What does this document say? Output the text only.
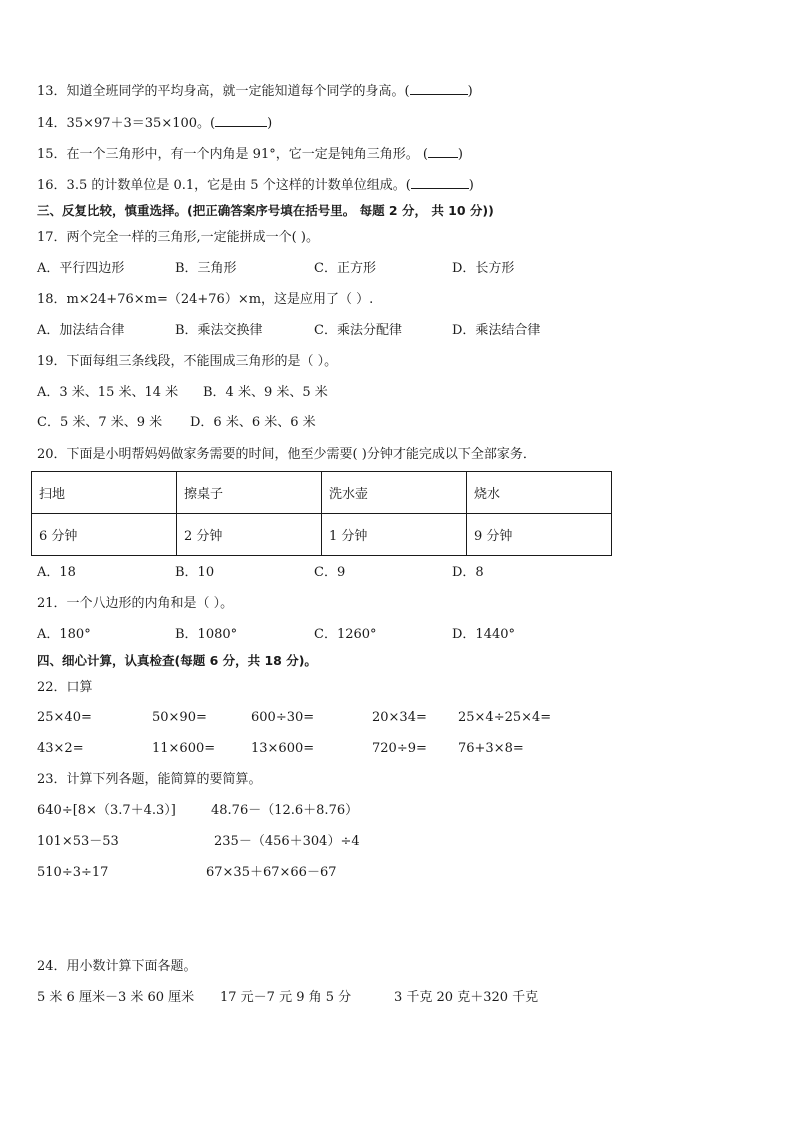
13．知道全班同学的平均身高，就一定能知道每个同学的身高。(	)
14．35×97＋3＝35×100。(	)
15．在一个三角形中，有一个内角是 91°，它一定是钝角三角形。 ( )
16．3.5 的计数单位是 0.1，它是由 5 个这样的计数单位组成。(	)
三、反复比较，慎重选择。(把正确答案序号填在括号里。 每题 2 分， 共 10 分))
17．两个完全一样的三角形,一定能拼成一个( )。
A．平行四边形	B．三角形	C．正方形	D．长方形
18．m×24+76×m=（24+76）×m，这是应用了（ ）.
A．加法结合律	B．乘法交换律	C．乘法分配律	D．乘法结合律
19．下面每组三条线段，不能围成三角形的是（ ）。
A．3 米、15 米、14 米 B．4 米、9 米、5 米
C．5 米、7 米、9 米 D．6 米、6 米、6 米
20．下面是小明帮妈妈做家务需要的时间，他至少需要( )分钟才能完成以下全部家务．
扫地	擦桌子	洗水壶	烧水
6 分钟	2 分钟	1 分钟	9 分钟
A．18	B．10	C．9	D．8
21．一个八边形的内角和是（ ）。
A．180°	B．1080°	C．1260°	D．1440°
四、细心计算，认真检查(每题 6 分，共 18 分)。
22．口算
25×40=	50×90=	600÷30=	20×34= 25×4÷25×4=
43×2=	11×600=	13×600=	720÷9= 76+3×8=
23．计算下列各题，能简算的要简算。
640÷[8×（3.7＋4.3）]	48.76－（12.6＋8.76）
101×53－53	235－（456＋304）÷4
510÷3÷17	67×35＋67×66－67
24．用小数计算下面各题。
5 米 6 厘米－3 米 60 厘米 17 元－7 元 9 角 5 分	3 千克 20 克＋320 千克
